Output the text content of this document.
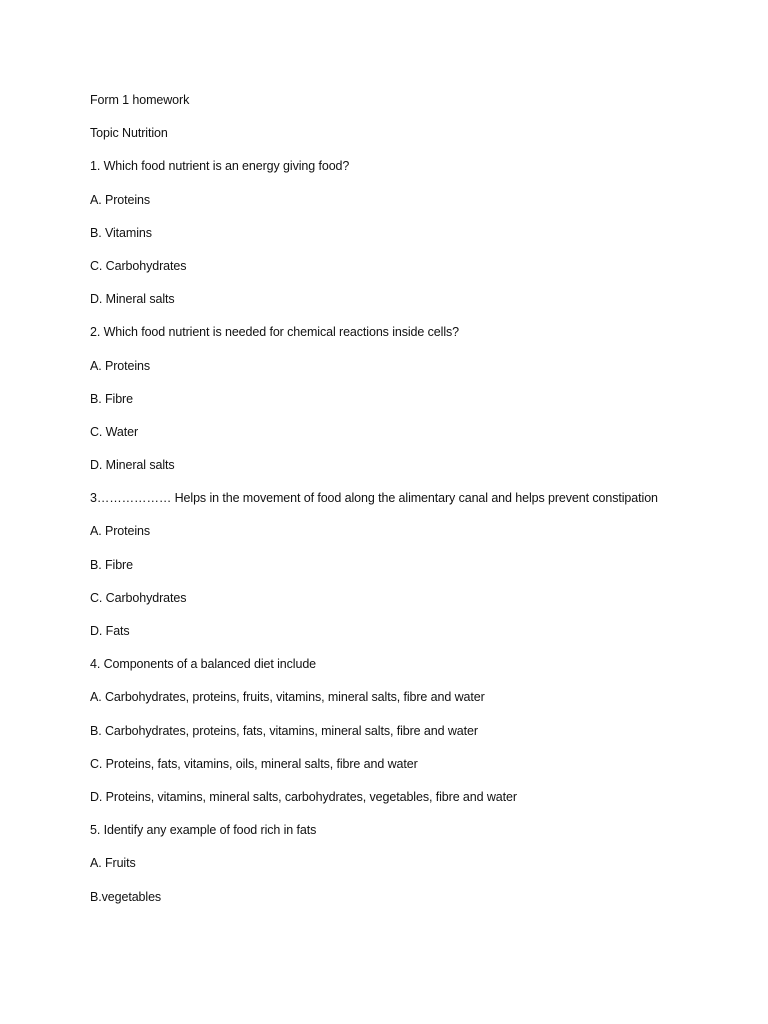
Form 1 homework
Topic Nutrition
1. Which food nutrient is an energy giving food?
A. Proteins
B. Vitamins
C. Carbohydrates
D. Mineral salts
2. Which food nutrient is needed for chemical reactions inside cells?
A. Proteins
B. Fibre
C. Water
D. Mineral salts
3……………… Helps in the movement of food along the alimentary canal and helps prevent constipation
A. Proteins
B. Fibre
C. Carbohydrates
D. Fats
4. Components of a balanced diet include
A. Carbohydrates, proteins, fruits, vitamins, mineral salts, fibre and water
B. Carbohydrates, proteins, fats, vitamins, mineral salts, fibre and water
C. Proteins, fats, vitamins, oils, mineral salts, fibre and water
D. Proteins, vitamins, mineral salts, carbohydrates, vegetables, fibre and water
5. Identify any example of food rich in fats
A. Fruits
B.vegetables
